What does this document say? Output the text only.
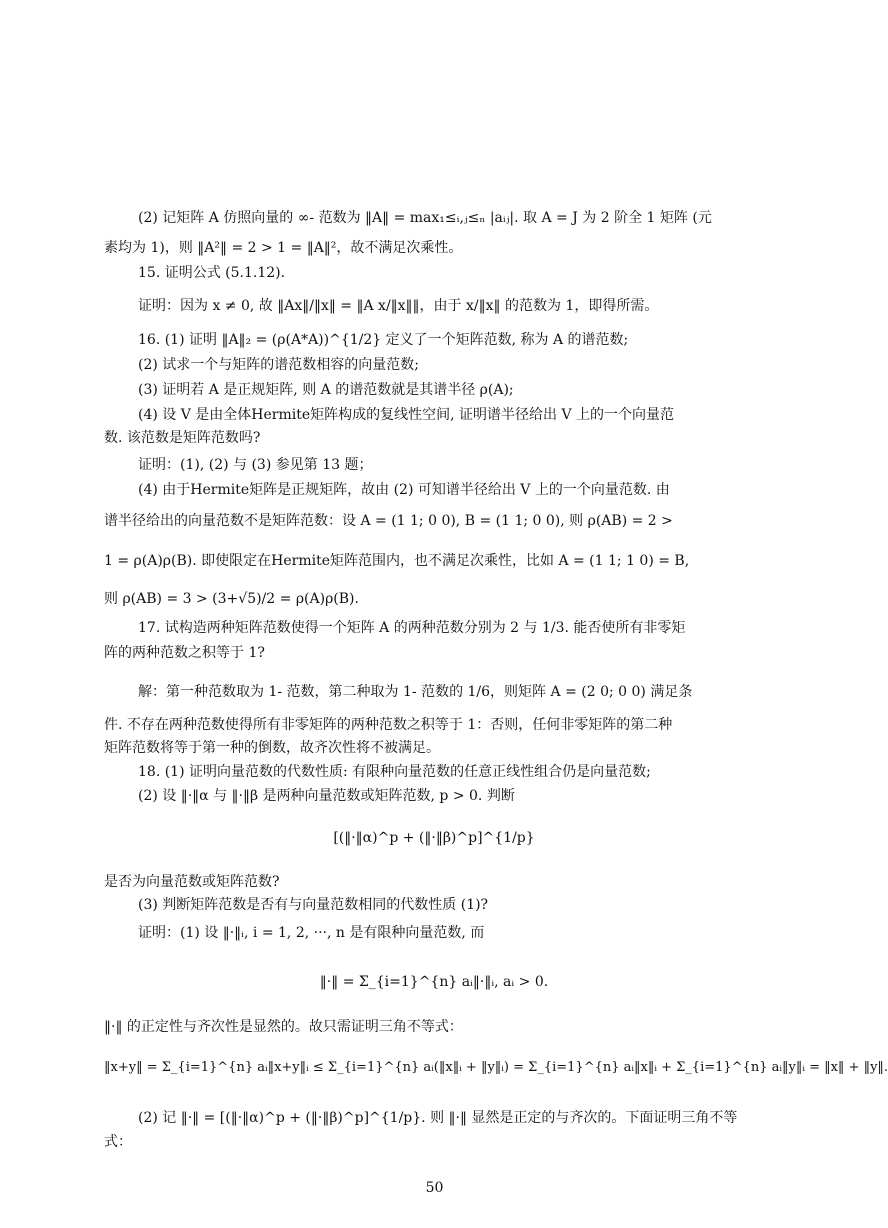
(2) 记矩阵 A 仿照向量的 ∞- 范数为 ‖A‖ = max₁≤ᵢ,ⱼ≤ₙ |aᵢⱼ|. 取 A = J 为 2 阶全 1 矩阵 (元
素均为 1)，则 ‖A²‖ = 2 > 1 = ‖A‖²，故不满足次乘性。
15. 证明公式 (5.1.12).
证明：因为 x ≠ 0, 故 ‖Ax‖/‖x‖ = ‖A x/‖x‖‖，由于 x/‖x‖ 的范数为 1，即得所需。
16. (1) 证明 ‖A‖₂ = (ρ(A*A))^{1/2} 定义了一个矩阵范数, 称为 A 的谱范数;
(2) 试求一个与矩阵的谱范数相容的向量范数;
(3) 证明若 A 是正规矩阵, 则 A 的谱范数就是其谱半径 ρ(A);
(4) 设 V 是由全体Hermite矩阵构成的复线性空间, 证明谱半径给出 V 上的一个向量范
数. 该范数是矩阵范数吗?
证明：(1), (2) 与 (3) 参见第 13 题；
(4) 由于Hermite矩阵是正规矩阵，故由 (2) 可知谱半径给出 V 上的一个向量范数. 由
谱半径给出的向量范数不是矩阵范数：设 A = (1 1; 0 0), B = (1 1; 0 0), 则 ρ(AB) = 2 >
1 = ρ(A)ρ(B). 即使限定在Hermite矩阵范围内，也不满足次乘性，比如 A = (1 1; 1 0) = B,
则 ρ(AB) = 3 > (3+√5)/2 = ρ(A)ρ(B).
17. 试构造两种矩阵范数使得一个矩阵 A 的两种范数分别为 2 与 1/3. 能否使所有非零矩
阵的两种范数之积等于 1?
解：第一种范数取为 1- 范数，第二种取为 1- 范数的 1/6，则矩阵 A = (2 0; 0 0) 满足条
件. 不存在两种范数使得所有非零矩阵的两种范数之积等于 1：否则，任何非零矩阵的第二种
矩阵范数将等于第一种的倒数，故齐次性将不被满足。
18. (1) 证明向量范数的代数性质: 有限种向量范数的任意正线性组合仍是向量范数;
(2) 设 ‖·‖α 与 ‖·‖β 是两种向量范数或矩阵范数, p > 0. 判断
[(‖·‖α)^p + (‖·‖β)^p]^{1/p}
是否为向量范数或矩阵范数?
(3) 判断矩阵范数是否有与向量范数相同的代数性质 (1)?
证明：(1) 设 ‖·‖ᵢ, i = 1, 2, ···, n 是有限种向量范数, 而
‖·‖ = Σ_{i=1}^{n} aᵢ‖·‖ᵢ, aᵢ > 0.
‖·‖ 的正定性与齐次性是显然的。故只需证明三角不等式：
‖x+y‖ = Σ_{i=1}^{n} aᵢ‖x+y‖ᵢ ≤ Σ_{i=1}^{n} aᵢ(‖x‖ᵢ + ‖y‖ᵢ) = Σ_{i=1}^{n} aᵢ‖x‖ᵢ + Σ_{i=1}^{n} aᵢ‖y‖ᵢ = ‖x‖ + ‖y‖.
(2) 记 ‖·‖ = [(‖·‖α)^p + (‖·‖β)^p]^{1/p}. 则 ‖·‖ 显然是正定的与齐次的。下面证明三角不等
式：
50
